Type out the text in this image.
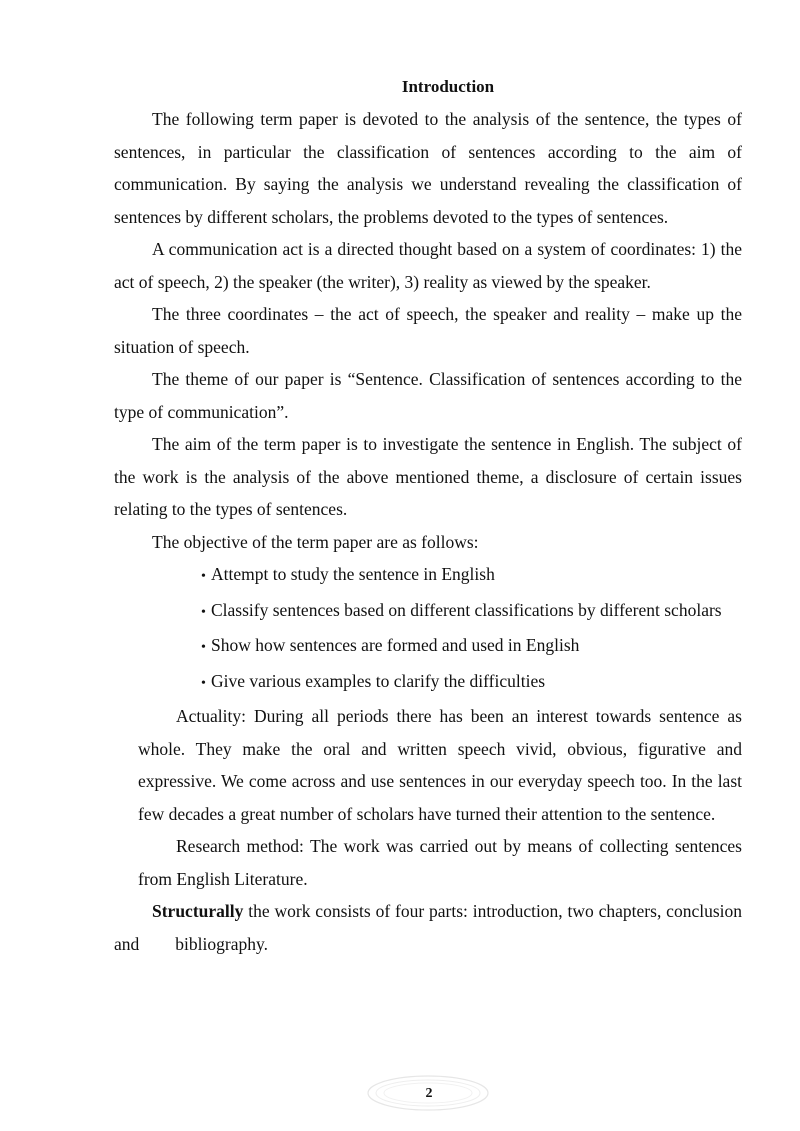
Introduction

The following term paper is devoted to the analysis of the sentence, the types of sentences, in particular the classification of sentences according to the aim of communication. By saying the analysis we understand revealing the classification of sentences by different scholars, the problems devoted to the types of sentences.

A communication act is a directed thought based on a system of coordinates: 1) the act of speech, 2) the speaker (the writer), 3) reality as viewed by the speaker.

The three coordinates – the act of speech, the speaker and reality – make up the situation of speech.

The theme of our paper is “Sentence. Classification of sentences according to the type of communication”.

The aim of the term paper is to investigate the sentence in English. The subject of the work is the analysis of the above mentioned theme, a disclosure of certain issues relating to the types of sentences.

The objective of the term paper are as follows:

• Attempt to study the sentence in English
• Classify sentences based on different classifications by different scholars
• Show how sentences are formed and used in English
• Give various examples to clarify the difficulties

Actuality: During all periods there has been an interest towards sentence as whole. They make the oral and written speech vivid, obvious, figurative and expressive. We come across and use sentences in our everyday speech too. In the last few decades a great number of scholars have turned their attention to the sentence.

Research method: The work was carried out by means of collecting sentences from English Literature.

Structurally the work consists of four parts: introduction, two chapters, conclusion and bibliography.

2
